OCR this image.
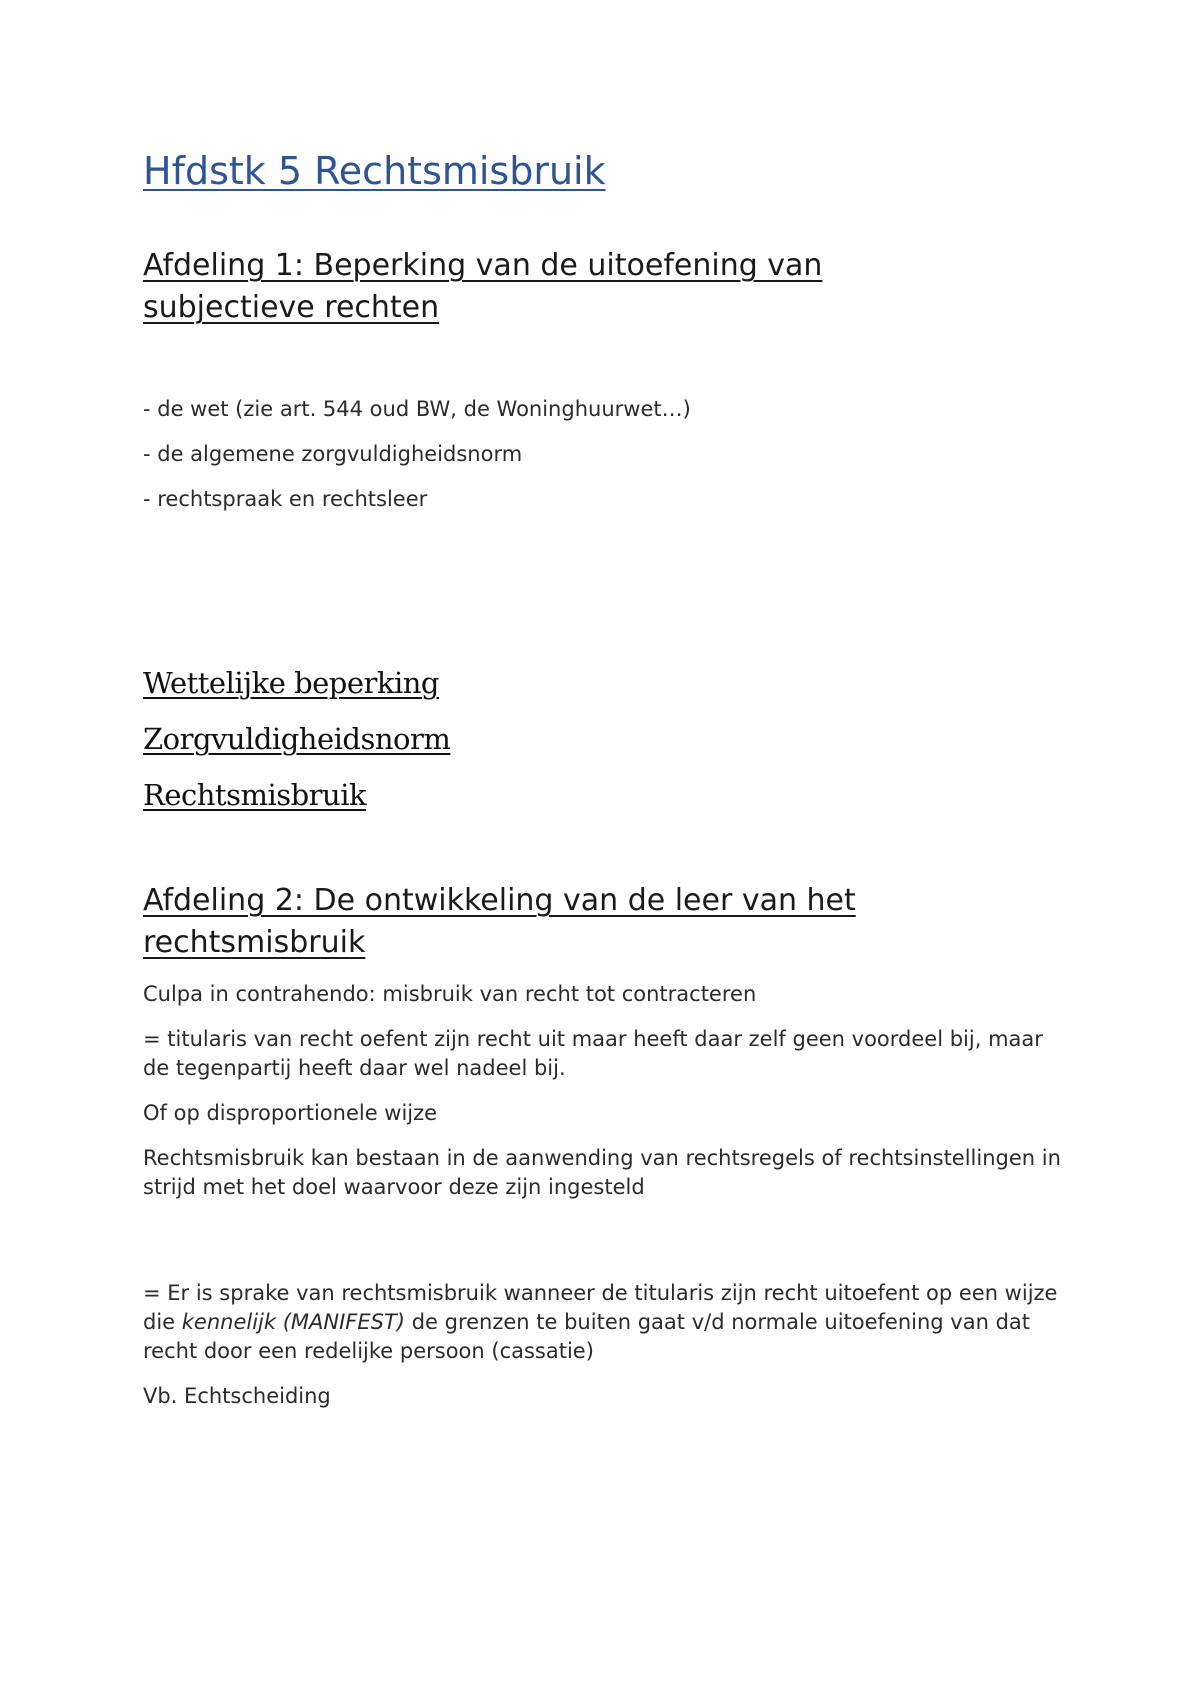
Hfdstk 5 Rechtsmisbruik
Afdeling 1: Beperking van de uitoefening van subjectieve rechten
- de wet (zie art. 544 oud BW, de Woninghuurwet…)
- de algemene zorgvuldigheidsnorm
- rechtspraak en rechtsleer
Wettelijke beperking
Zorgvuldigheidsnorm
Rechtsmisbruik
Afdeling 2: De ontwikkeling van de leer van het rechtsmisbruik
Culpa in contrahendo: misbruik van recht tot contracteren
= titularis van recht oefent zijn recht uit maar heeft daar zelf geen voordeel bij, maar de tegenpartij heeft daar wel nadeel bij.
Of op disproportionele wijze
Rechtsmisbruik kan bestaan in de aanwending van rechtsregels of rechtsinstellingen in strijd met het doel waarvoor deze zijn ingesteld
= Er is sprake van rechtsmisbruik wanneer de titularis zijn recht uitoefent op een wijze die kennelijk (MANIFEST) de grenzen te buiten gaat v/d normale uitoefening van dat recht door een redelijke persoon (cassatie)
Vb. Echtscheiding
